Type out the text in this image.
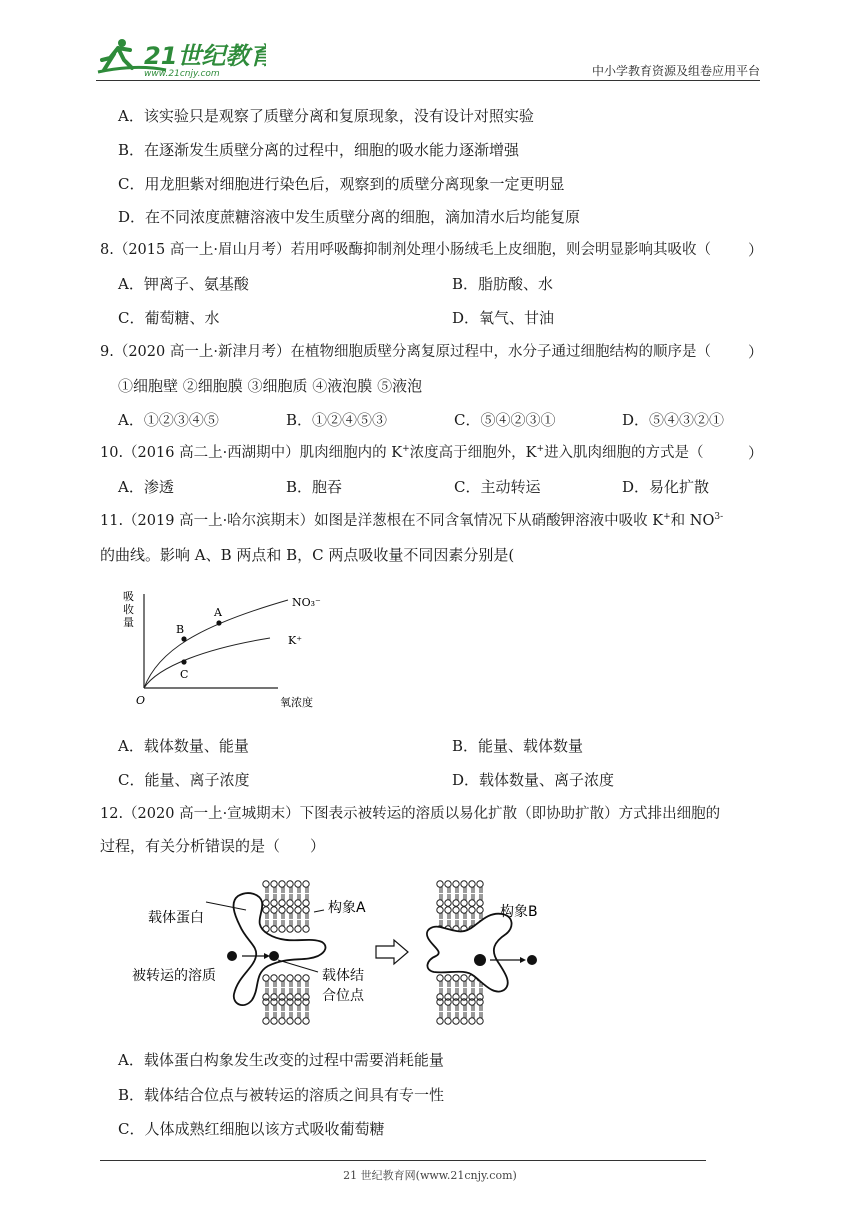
21世纪教育
www.21cnjy.com	中小学教育资源及组卷应用平台
A．该实验只是观察了质壁分离和复原现象，没有设计对照实验
B．在逐渐发生质壁分离的过程中，细胞的吸水能力逐渐增强
C．用龙胆紫对细胞进行染色后，观察到的质壁分离现象一定更明显
D．在不同浓度蔗糖溶液中发生质壁分离的细胞，滴加清水后均能复原
8.（2015 高一上·眉山月考）若用呼吸酶抑制剂处理小肠绒毛上皮细胞，则会明显影响其吸收（ ）
A．钾离子、氨基酸	B．脂肪酸、水
C．葡萄糖、水	D．氧气、甘油
9.（2020 高一上·新津月考）在植物细胞质壁分离复原过程中，水分子通过细胞结构的顺序是（ ）
①细胞壁 ②细胞膜 ③细胞质 ④液泡膜 ⑤液泡
A．①②③④⑤	B．①②④⑤③	C．⑤④②③①	D．⑤④③②①
10.（2016 高二上·西湖期中）肌肉细胞内的 K+浓度高于细胞外，K+进入肌肉细胞的方式是（	）
A．渗透	B．胞吞	C．主动转运	D．易化扩散
11.（2019 高一上·哈尔滨期末）如图是洋葱根在不同含氧情况下从硝酸钾溶液中吸收 K+和 $NO^{3-}$
的曲线。影响 A、B 两点和 B，C 两点吸收量不同因素分别是(
吸
收
量
O	氧浓度
NO₃⁻
K⁺
A
B
C
A．载体数量、能量	B．能量、载体数量
C．能量、离子浓度	D．载体数量、离子浓度
12.（2020 高一上·宣城期末）下图表示被转运的溶质以易化扩散（即协助扩散）方式排出细胞的
过程，有关分析错误的是（　　）
载体蛋白
构象A
被转运的溶质	载体结
合位点
构象B
A．载体蛋白构象发生改变的过程中需要消耗能量
B．载体结合位点与被转运的溶质之间具有专一性
C．人体成熟红细胞以该方式吸收葡萄糖
21 世纪教育网(www.21cnjy.com)
